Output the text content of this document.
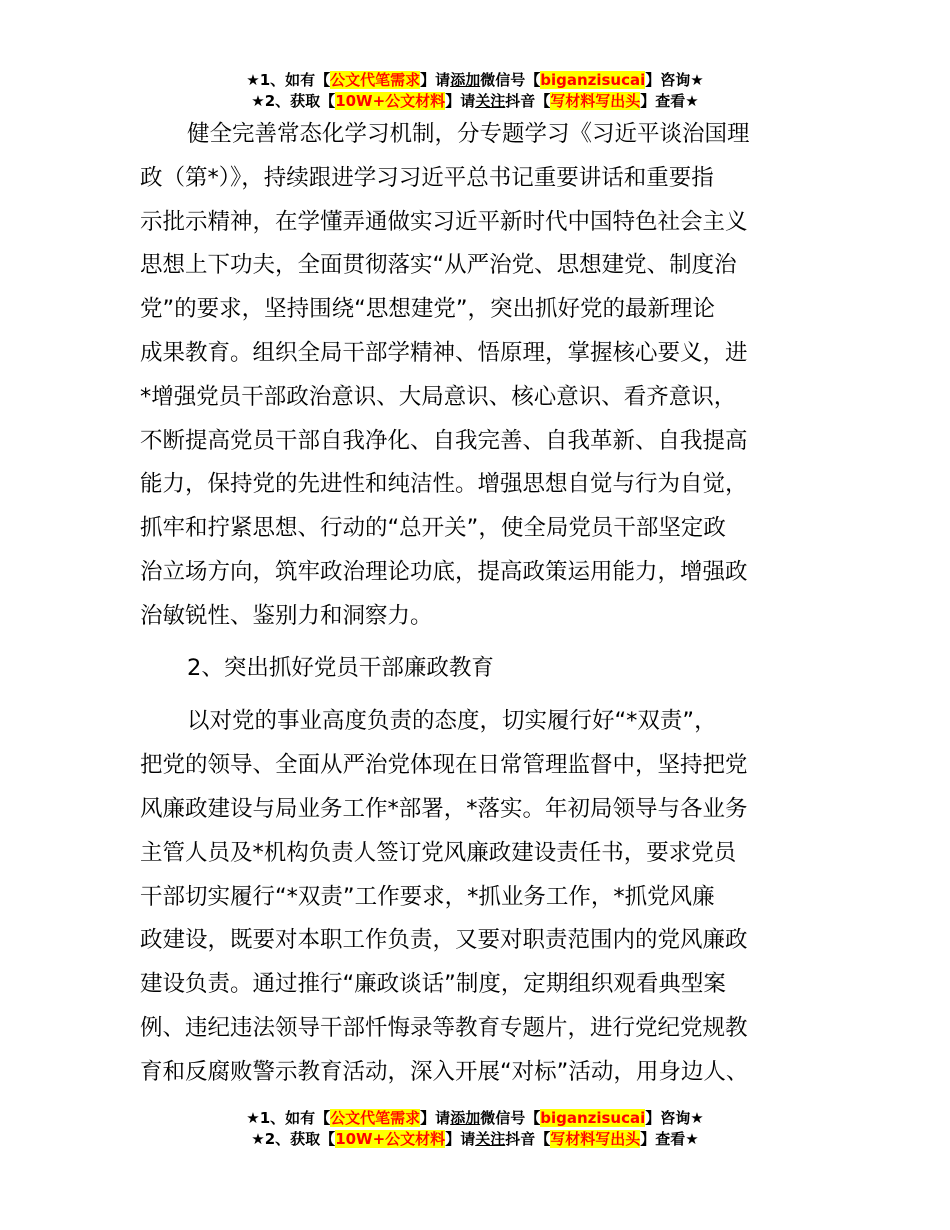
★1、如有【公文代笔需求】请添加微信号【biganzisucai】咨询★
★2、获取【10W+公文材料】请关注抖音【写材料写出头】查看★
健全完善常态化学习机制，分专题学习《习近平谈治国理
政（第*）》，持续跟进学习习近平总书记重要讲话和重要指
示批示精神，在学懂弄通做实习近平新时代中国特色社会主义
思想上下功夫，全面贯彻落实“从严治党、思想建党、制度治
党”的要求，坚持围绕“思想建党”，突出抓好党的最新理论
成果教育。组织全局干部学精神、悟原理，掌握核心要义，进
*增强党员干部政治意识、大局意识、核心意识、看齐意识，
不断提高党员干部自我净化、自我完善、自我革新、自我提高
能力，保持党的先进性和纯洁性。增强思想自觉与行为自觉，
抓牢和拧紧思想、行动的“总开关”，使全局党员干部坚定政
治立场方向，筑牢政治理论功底，提高政策运用能力，增强政
治敏锐性、鉴别力和洞察力。
2、突出抓好党员干部廉政教育
以对党的事业高度负责的态度，切实履行好“*双责”，
把党的领导、全面从严治党体现在日常管理监督中，坚持把党
风廉政建设与局业务工作*部署，*落实。年初局领导与各业务
主管人员及*机构负责人签订党风廉政建设责任书，要求党员
干部切实履行“*双责”工作要求，*抓业务工作，*抓党风廉
政建设，既要对本职工作负责，又要对职责范围内的党风廉政
建设负责。通过推行“廉政谈话”制度，定期组织观看典型案
例、违纪违法领导干部忏悔录等教育专题片，进行党纪党规教
育和反腐败警示教育活动，深入开展“对标”活动，用身边人、
★1、如有【公文代笔需求】请添加微信号【biganzisucai】咨询★
★2、获取【10W+公文材料】请关注抖音【写材料写出头】查看★
